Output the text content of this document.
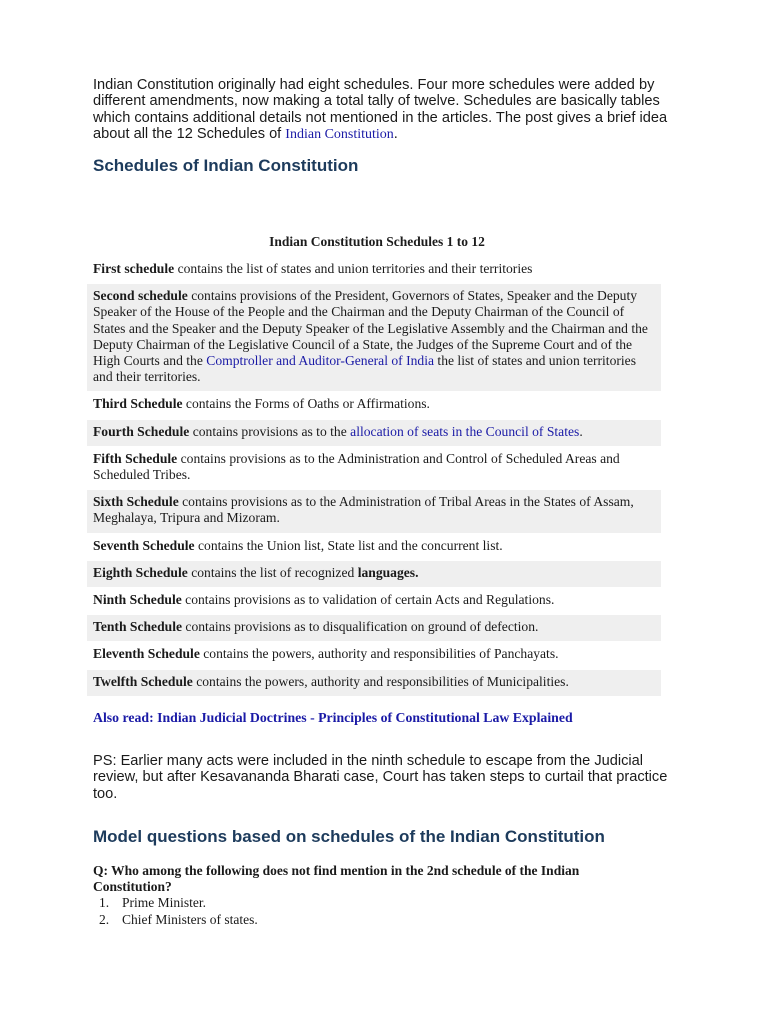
Indian Constitution originally had eight schedules. Four more schedules were added by different amendments, now making a total tally of twelve. Schedules are basically tables which contains additional details not mentioned in the articles. The post gives a brief idea about all the 12 Schedules of Indian Constitution.
Schedules of Indian Constitution
Indian Constitution Schedules 1 to 12
First schedule contains the list of states and union territories and their territories
Second schedule contains provisions of the President, Governors of States, Speaker and the Deputy Speaker of the House of the People and the Chairman and the Deputy Chairman of the Council of States and the Speaker and the Deputy Speaker of the Legislative Assembly and the Chairman and the Deputy Chairman of the Legislative Council of a State, the Judges of the Supreme Court and of the High Courts and the Comptroller and Auditor-General of India the list of states and union territories and their territories.
Third Schedule contains the Forms of Oaths or Affirmations.
Fourth Schedule contains provisions as to the allocation of seats in the Council of States.
Fifth Schedule contains provisions as to the Administration and Control of Scheduled Areas and Scheduled Tribes.
Sixth Schedule contains provisions as to the Administration of Tribal Areas in the States of Assam, Meghalaya, Tripura and Mizoram.
Seventh Schedule contains the Union list, State list and the concurrent list.
Eighth Schedule contains the list of recognized languages.
Ninth Schedule contains provisions as to validation of certain Acts and Regulations.
Tenth Schedule contains provisions as to disqualification on ground of defection.
Eleventh Schedule contains the powers, authority and responsibilities of Panchayats.
Twelfth Schedule contains the powers, authority and responsibilities of Municipalities.
Also read: Indian Judicial Doctrines - Principles of Constitutional Law Explained
PS: Earlier many acts were included in the ninth schedule to escape from the Judicial review, but after Kesavananda Bharati case, Court has taken steps to curtail that practice too.
Model questions based on schedules of the Indian Constitution
Q: Who among the following does not find mention in the 2nd schedule of the Indian Constitution?
1. Prime Minister.
2. Chief Ministers of states.
